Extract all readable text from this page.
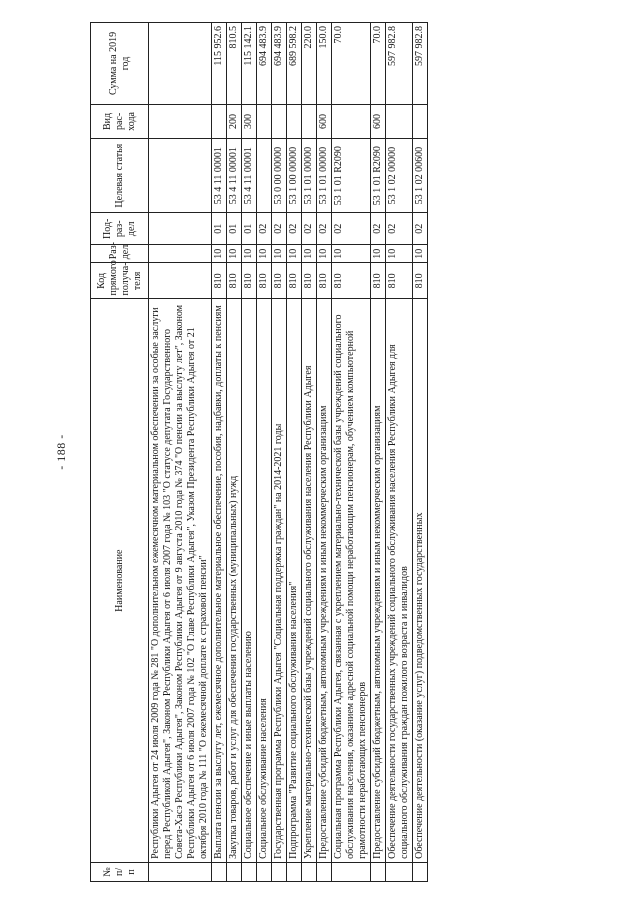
- 188 -
№ п/п	Наименование	Код прямого получа-теля	Раз-дел	Под-раз-дел	Целевая статья	Вид рас-хода	Сумма на 2019 год
	Республики Адыгея от 24 июля 2009 года № 281 "О дополнительном ежемесячном материальном обеспечении за особые заслуги перед Республикой Адыгея", Законом Республики Адыгея от 6 июля 2007 года № 103 "О статусе депутата Государственного Совета-Хасэ Республики Адыгея", Законом Республики Адыгея от 9 августа 2010 года № 374 "О пенсии за выслугу лет", Законом Республики Адыгея от 6 июля 2007 года № 102 "О Главе Республики Адыгея", Указом Президента Республики Адыгея от 21 октября 2010 года № 111 "О ежемесячной доплате к страховой пенсии"						
	Выплата пенсии за выслугу лет, ежемесячное дополнительное материальное обеспечение, пособия, надбавки, доплаты к пенсиям	810	10	01	53 4 11 00001		115 952.6
	Закупка товаров, работ и услуг для обеспечения государственных (муниципальных) нужд	810	10	01	53 4 11 00001	200	810.5
	Социальное обеспечение и иные выплаты населению	810	10	01	53 4 11 00001	300	115 142.1
	Социальное обслуживание населения	810	10	02			694 483.9
	Государственная программа Республики Адыгея "Социальная поддержка граждан" на 2014-2021 годы	810	10	02	53 0 00 00000		694 483.9
	Подпрограмма "Развитие социального обслуживания населения"	810	10	02	53 1 00 00000		689 598.2
	Укрепление материально-технической базы учреждений социального обслуживания населения Республики Адыгея	810	10	02	53 1 01 00000		220.0
	Предоставление субсидий бюджетным, автономным учреждениям и иным некоммерческим организациям	810	10	02	53 1 01 00000	600	150.0
	Социальная программа Республики Адыгея, связанная с укреплением материально-технической базы учреждений социального обслуживания населения, оказанием адресной социальной помощи неработающим пенсионерам, обучением компьютерной грамотности неработающих пенсионеров	810	10	02	53 1 01 R2090		70.0
	Предоставление субсидий бюджетным, автономным учреждениям и иным некоммерческим организациям	810	10	02	53 1 01 R2090	600	70.0
	Обеспечение деятельности государственных учреждений социального обслуживания населения Республики Адыгея для социального обслуживания граждан пожилого возраста и инвалидов	810	10	02	53 1 02 00000		597 982.8
	Обеспечение деятельности (оказание услуг) подведомственных государственных	810	10	02	53 1 02 00600		597 982.8
